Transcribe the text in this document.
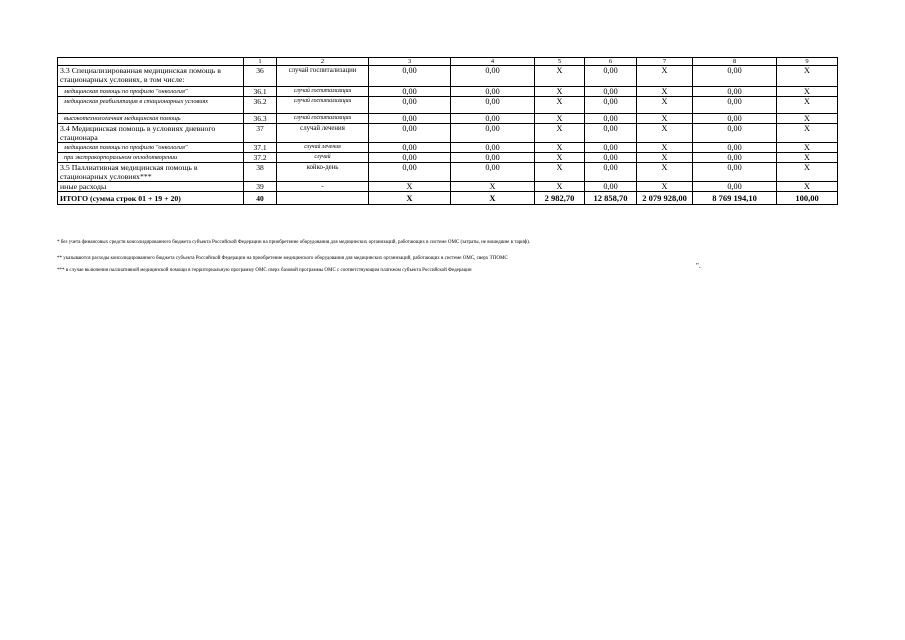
	1	2	3	4	5	6	7	8	9
3.3 Специализированная медицинская помощь в стационарных условиях, в том числе:	36	случай госпитализации	0,00	0,00	X	0,00	X	0,00	X
медицинская помощь по профилю "онкология"	36.1	случай госпитализации	0,00	0,00	X	0,00	X	0,00	X
медицинская реабилитация в стационарных условиях	36.2	случай госпитализации	0,00	0,00	X	0,00	X	0,00	X
высокотехнологичная медицинская помощь	36.3	случай госпитализации	0,00	0,00	X	0,00	X	0,00	X
3.4 Медицинская помощь в условиях дневного стационара	37	случай лечения	0,00	0,00	X	0,00	X	0,00	X
медицинская помощь по профилю "онкология"	37.1	случай лечения	0,00	0,00	X	0,00	X	0,00	X
при экстракорпоральном оплодотворении	37.2	случай	0,00	0,00	X	0,00	X	0,00	X
3.5 Паллиативная медицинская помощь в стационарных условиях***	38	койко-день	0,00	0,00	X	0,00	X	0,00	X
иные расходы	39	-	X	X	X	0,00	X	0,00	X
ИТОГО (сумма строк 01 + 19 + 20)	40		X	X	2 982,70	12 858,70	2 079 928,00	8 769 194,10	100,00
* без учета финансовых средств консолидированного бюджета субъекта Российской Федерации на приобретение оборудования для медицинских организаций, работающих в системе ОМС (затраты, не вошедшие в тариф).
** указываются расходы консолидированного бюджета субъекта Российской Федерации на приобретение медицинского оборудования для медицинских организаций, работающих в системе ОМС, сверх ТПОМС
*** в случае включения паллиативной медицинской помощи в территориальную программу ОМС сверх базовой программы ОМС с соответствующим платежом субъекта Российской Федерации
".
